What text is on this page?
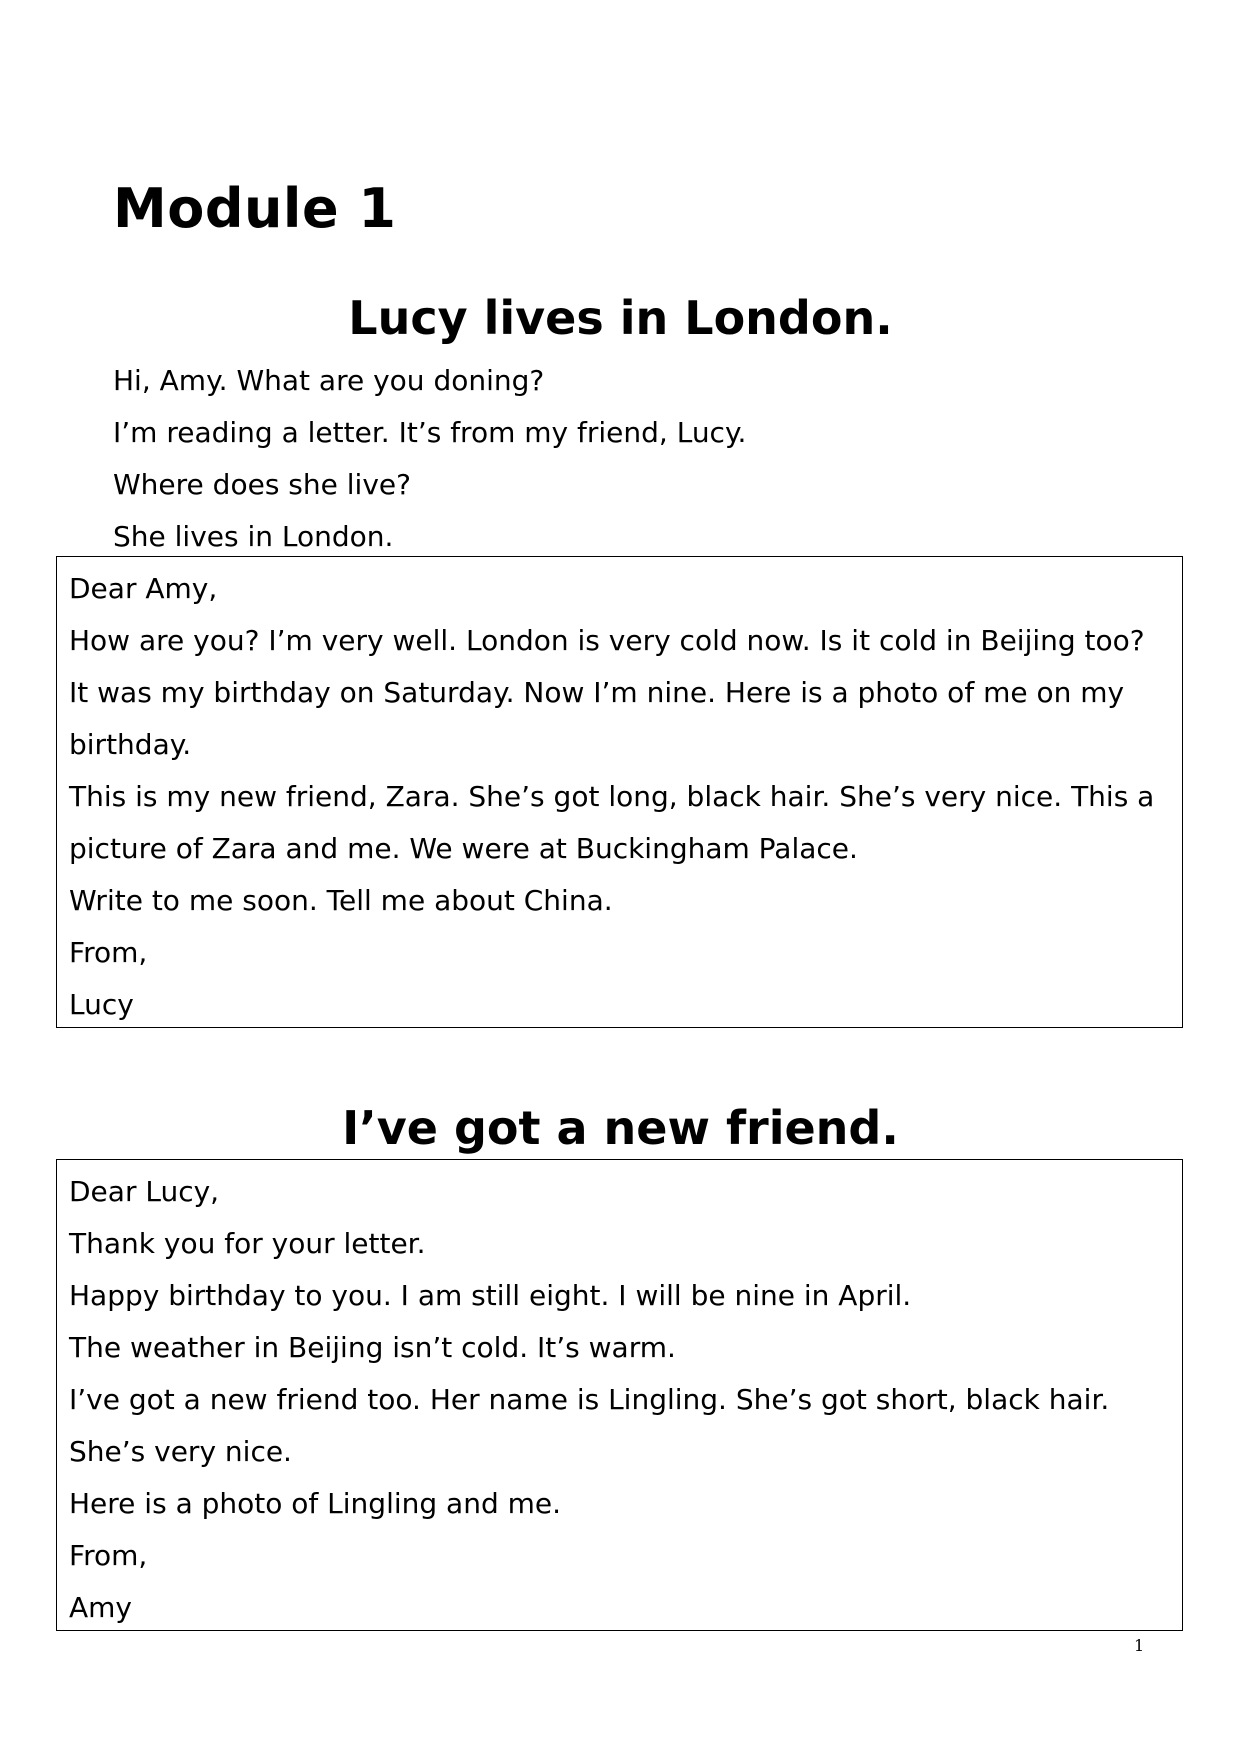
Module 1
Lucy lives in London.
Hi, Amy. What are you doning?
I’m reading a letter. It’s from my friend, Lucy.
Where does she live?
She lives in London.
Dear Amy,
How are you? I’m very well. London is very cold now. Is it cold in Beijing too?
It was my birthday on Saturday. Now I’m nine. Here is a photo of me on my birthday.
This is my new friend, Zara. She’s got long, black hair. She’s very nice. This a picture of Zara and me. We were at Buckingham Palace.
Write to me soon. Tell me about China.
From,
Lucy
I’ve got a new friend.
Dear Lucy,
Thank you for your letter.
Happy birthday to you. I am still eight. I will be nine in April.
The weather in Beijing isn’t cold. It’s warm.
I’ve got a new friend too. Her name is Lingling. She’s got short, black hair. She’s very nice.
Here is a photo of Lingling and me.
From,
Amy
1
